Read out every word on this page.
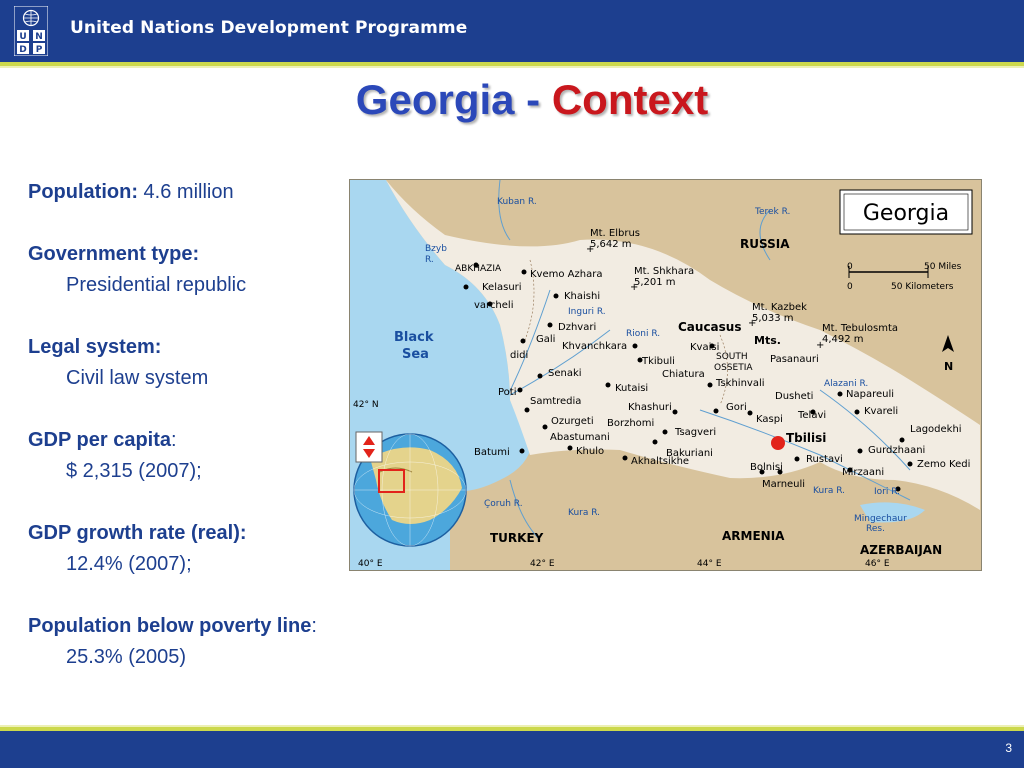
U N
D P
United Nations Development Programme
Georgia - Context
Population: 4.6 million
Government type:
Presidential republic
Legal system:
Civil law system
GDP per capita:
$ 2,315 (2007);
GDP growth rate (real):
12.4% (2007);
Population below poverty line:
25.3% (2005)
Kvemo Azhara
Kelasuri
Khaishi
varcheli
Dzhvari
Gali
Khvanchkara
didi
Kvaisi
Tkibuli
Chiatura
Senaki
Kutaisi	Tskhinvali
Poti
Samtredia
Khashuri	Gori
Kaspi
Dusheti
Pasanauri
Telavi
Napareuli
Kvareli
Lagodekhi
Ozurgeti Borzhomi
Abastumani	Tsagveri
Batumi	Khulo	Bakuriani
Akhaltsikhe	Rustavi
Gurdzhaani
Zemo Kedi
Bolnisi
Marneuli
Mirzaani
Tbilisi
Kuban R.
Terek R.
Bzyb
R.
Inguri R.
Rioni R.
Alazani R.
Çoruh R.
Kura R.
Kura R.	Iori R.
Mingechaur
Res.
Mt. Elbrus
5,642 m
Mt. Shkhara
5,201 m
Mt. Kazbek
5,033 m
Mt. Tebulosmta
4,492 m
ABKHAZIA
SOUTH
OSSETIA
Caucasus
Mts.
RUSSIA
TURKEY	ARMENIA
AZERBAIJAN
Black
Sea
Georgia
0	50 Miles
0	50 Kilometers
N
42° N
40° E	42° E	44° E	46° E
+
+
+
+
3
